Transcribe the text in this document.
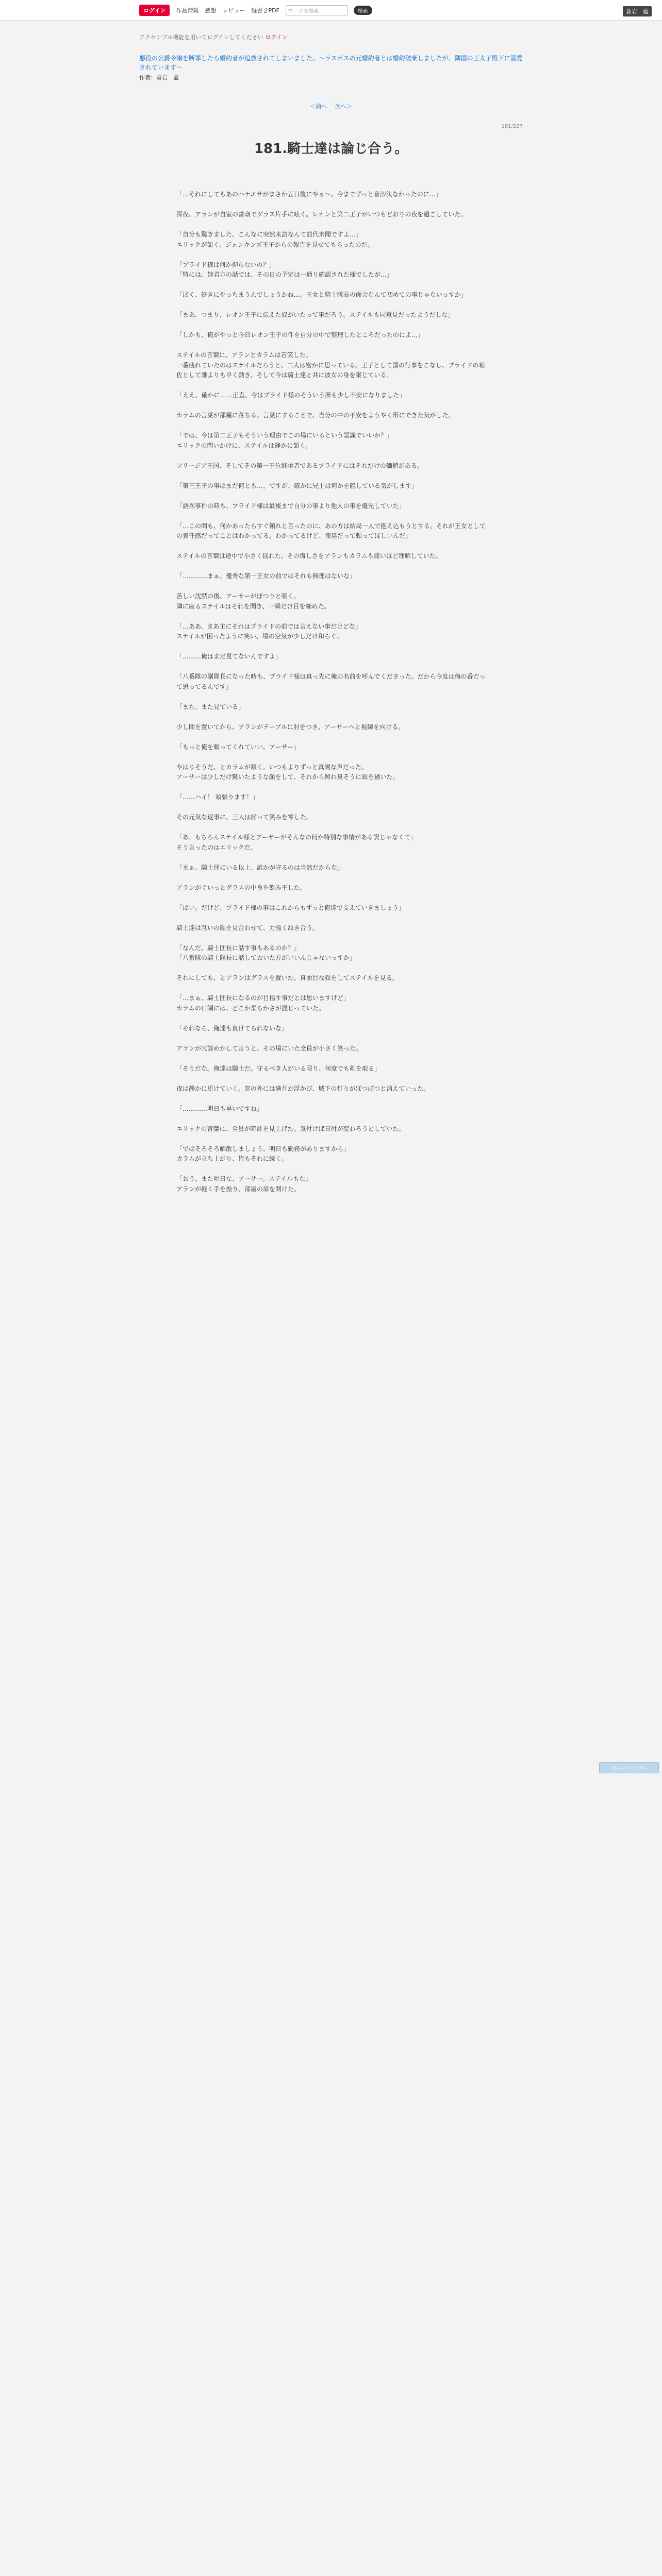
ログイン	作品情報 感想 レビュー 縦書きPDF	ワードを検索	検索	蒼岩　藍
アクセシブル機能を用いてログインしてください ログイン
悪役の公爵令嬢を断罪したら婚約者が追放されてしまいました。～ラスボスの元婚約者とは婚約破棄しましたが、隣国の王太子殿下に溺愛されています～
作者：蒼岩　藍
＜前へ 次へ＞
181/227
181.騎士達は論じ合う。

「…それにしてもあのハナエサがまさか五日後にやぁ～。今までずっと音沙汰なかったのに…」

深夜、アランが自室の書斎でグラス片手に呟く。レオンと第二王子がいつもどおりの夜を過ごしていた。

「自分も驚きました。こんなに突然来訪なんて前代未聞ですよ…」

エリックが頷く。ジェンキンズ王子からの報告を見せてもらったのだ。

「プライド様は何か仰らないの？」

「特には。姉君方の話では、その日の予定は一通り確認された様でしたが…」

「ぼく、好きにやっちまうんでしょうかね…。王女と騎士隊長の面会なんて初めての事じゃないっすか」

「まあ、つまり、レオン王子に伝えた奴がいたって事だろう。ステイルも同意見だったようだしな」

「しかも、俺がやっと今日レオン王子の件を自分の中で整理したところだったのによ…」

ステイルの言葉に、アランとカラムは苦笑した。

一番疲れていたのはステイルだろうと、二人は密かに思っている。王子として国の行事をこなし、プライドの補佐として誰よりも早く動き、そして今は騎士達と共に彼女の身を案じている。

「ええ、確かに……正直、今はプライド様のそういう所も少し不安になりました」

カラムの言葉が部屋に落ちる。言葉にすることで、自分の中の不安をようやく形にできた気がした。

「では、今は第二王子もそういう理由でこの場にいるという認識でいいか？」

エリックの問いかけに、ステイルは静かに頷く。

フリージア王国、そしてその第一王位継承者であるプライドにはそれだけの価値がある。

「第三王子の事はまだ何とも…。ですが、確かに兄上は何かを隠している気がします」

「誘拐事件の時も、プライド様は最後まで自分の事より他人の事を優先していた」

「…この間も、何かあったらすぐ頼れと言ったのに、あの方は結局一人で抱え込もうとする。それが王女としての責任感だってことはわかってる。わかってるけど、俺達だって頼ってほしいんだ」

ステイルの言葉は途中で小さく揺れた。その悔しさをアランもカラムも痛いほど理解していた。

「…………まぁ、優秀な第一王女の前ではそれも無理はないな」

苦しい沈黙の後、アーサーがぽつりと呟く。

隣に座るステイルはそれを聞き、一瞬だけ目を細めた。

「…ああ、まあ主にそれはプライドの前では言えない事だけどな」

ステイルが困ったように笑い、場の空気が少しだけ和らぐ。

「………俺はまだ見てないんですよ」

「八番隊の副隊長になった時も、プライド様は真っ先に俺の名前を呼んでくださった。だから今度は俺の番だって思ってるんです」

「また、また見ている」

少し間を置いてから、アランがテーブルに肘をつき、アーサーへと視線を向ける。

「もっと俺を頼ってくれていい。アーサー」

やはりそうだ、とカラムが頷く。いつもよりずっと真剣な声だった。

アーサーは少しだけ驚いたような顔をして、それから照れ臭そうに頭を掻いた。

「……ハイ！ 頑張ります！」

その元気な返事に、三人は揃って笑みを零した。

「あ。もちろんステイル様とアーサーがそんなの何か特別な事情がある訳じゃなくて」

そう言ったのはエリックだ。

「まぁ、騎士団にいる以上、誰かが守るのは当然だからな」

アランがぐいっとグラスの中身を飲み干した。

「はい。だけど、プライド様の事はこれからもずっと俺達で支えていきましょう」

騎士達は互いの顔を見合わせて、力強く頷き合う。

「なんだ、騎士団長に話す事もあるのか？」

「八番隊の騎士隊長に話しておいた方がいいんじゃないっすか」

それにしても、とアランはグラスを置いた。真面目な顔をしてステイルを見る。

「…まぁ、騎士団長になるのが目指す事だとは思いますけど」

カラムの口調には、どこか柔らかさが混じっていた。

「それなら、俺達も負けてられないな」

アランが冗談めかして言うと、その場にいた全員が小さく笑った。

「そうだな。俺達は騎士だ。守るべき人がいる限り、何度でも剣を取る」

夜は静かに更けていく。窓の外には満月が浮かび、城下の灯りがぽつぽつと消えていった。

「…………明日も早いですね」

エリックの言葉に、全員が時計を見上げた。気付けば日付が変わろうとしていた。

「ではそろそろ解散しましょう。明日も勤務がありますから」

カラムが立ち上がり、皆もそれに続く。

「おう。また明日な、アーサー。ステイルもな」

アランが軽く手を振り、部屋の扉を開けた。

ページトップへ
